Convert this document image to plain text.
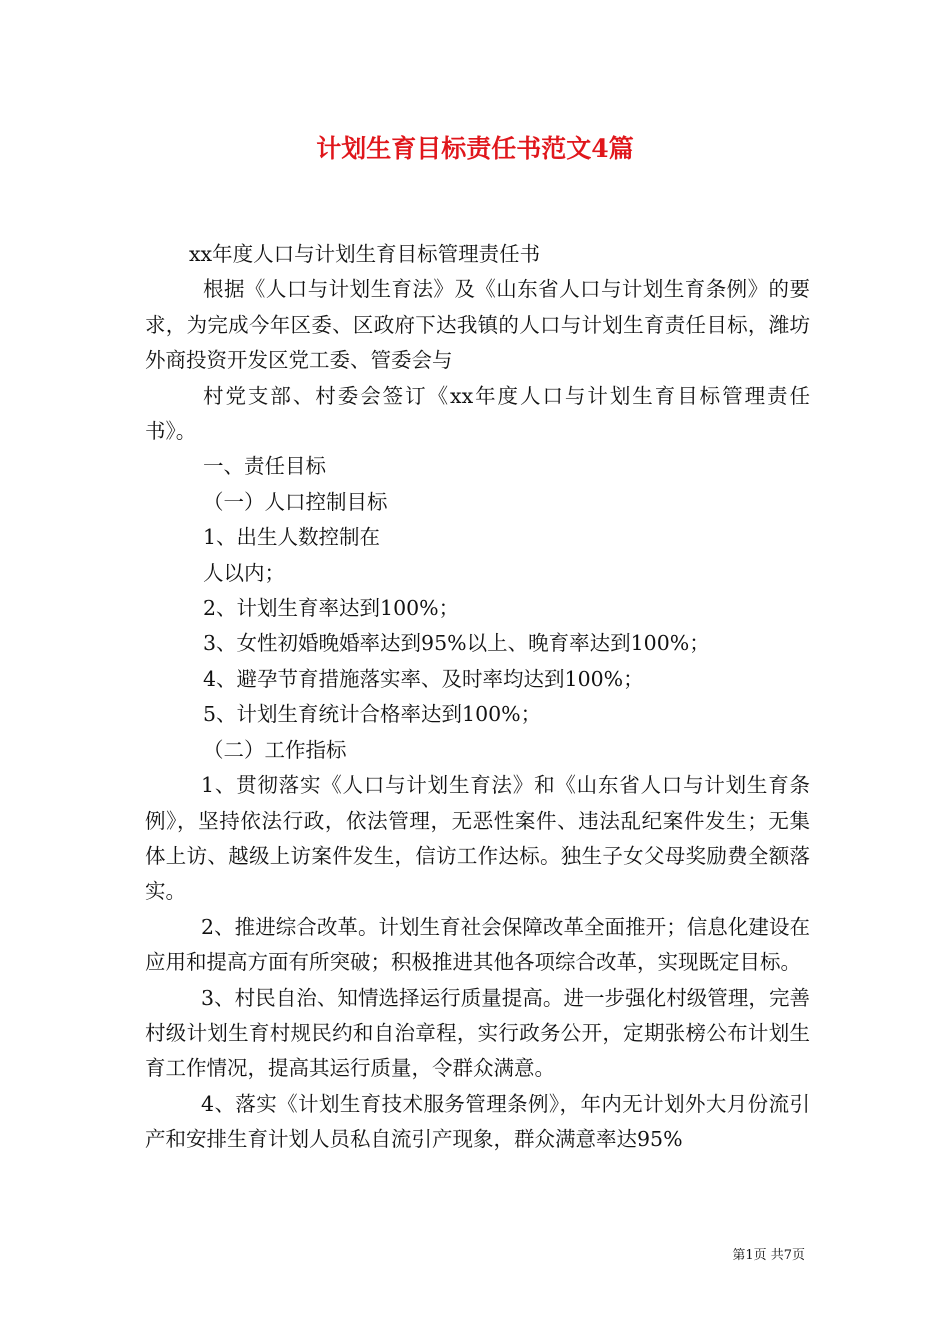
计划生育目标责任书范文4篇

xx年度人口与计划生育目标管理责任书

根据《人口与计划生育法》及《山东省人口与计划生育条例》的要求，为完成今年区委、区政府下达我镇的人口与计划生育责任目标，潍坊外商投资开发区党工委、管委会与

村党支部、村委会签订《xx年度人口与计划生育目标管理责任书》。

一、责任目标

（一）人口控制目标

1、出生人数控制在

人以内；

2、计划生育率达到100%；

3、女性初婚晚婚率达到95%以上、晚育率达到100%；

4、避孕节育措施落实率、及时率均达到100%；

5、计划生育统计合格率达到100%；

（二）工作指标

1、贯彻落实《人口与计划生育法》和《山东省人口与计划生育条例》，坚持依法行政，依法管理，无恶性案件、违法乱纪案件发生；无集体上访、越级上访案件发生，信访工作达标。独生子女父母奖励费全额落实。

2、推进综合改革。计划生育社会保障改革全面推开；信息化建设在应用和提高方面有所突破；积极推进其他各项综合改革，实现既定目标。

3、村民自治、知情选择运行质量提高。进一步强化村级管理，完善村级计划生育村规民约和自治章程，实行政务公开，定期张榜公布计划生育工作情况，提高其运行质量，令群众满意。

4、落实《计划生育技术服务管理条例》，年内无计划外大月份流引产和安排生育计划人员私自流引产现象，群众满意率达95%

第1页 共7页
